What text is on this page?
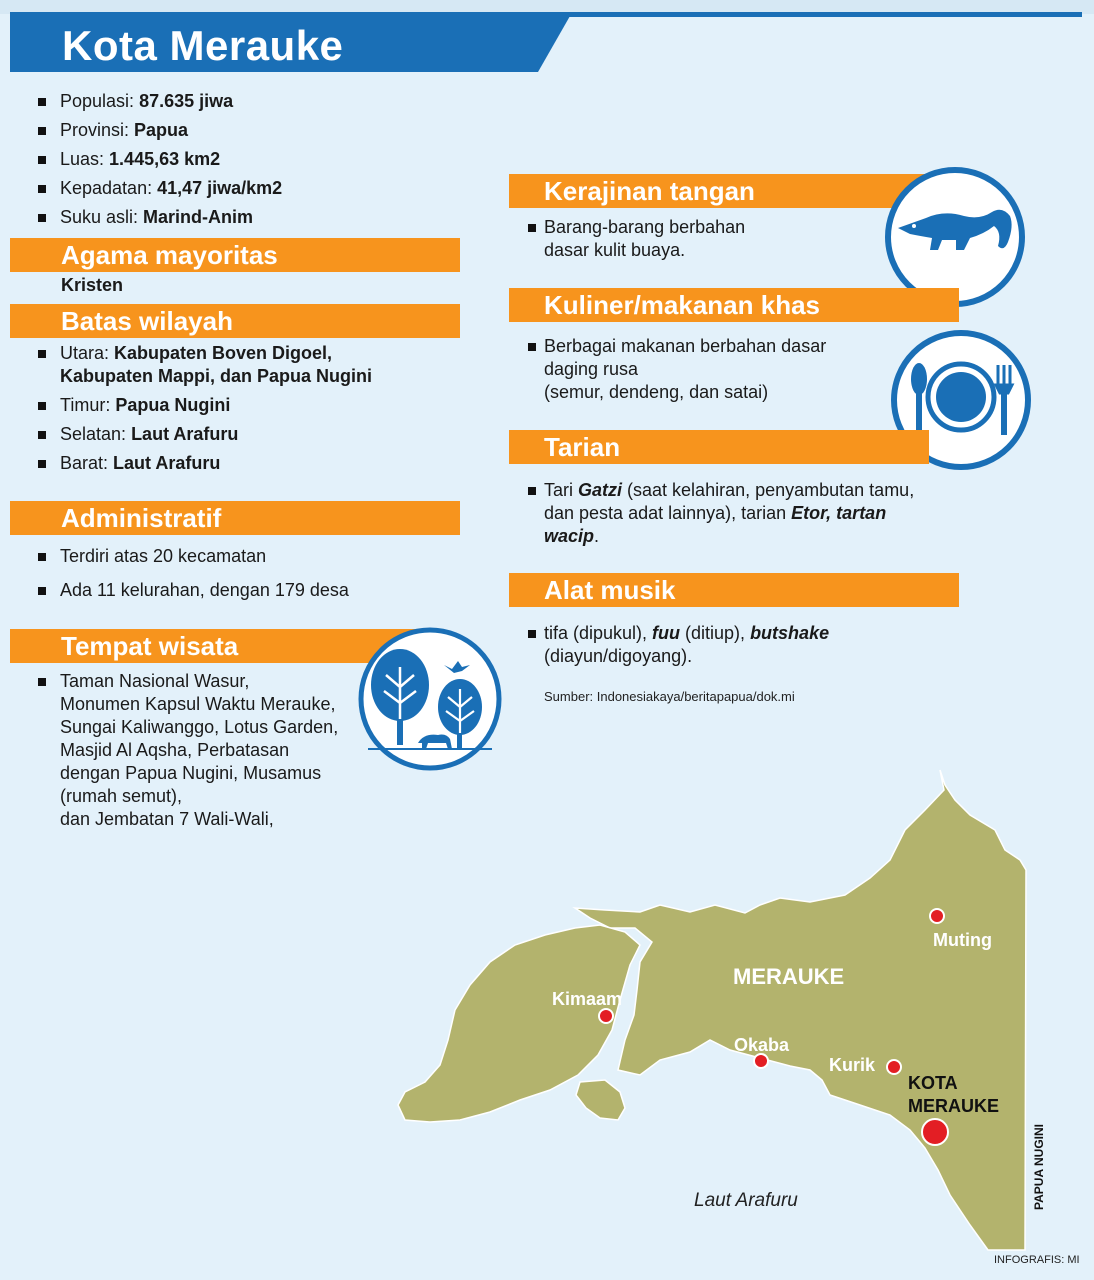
Kota Merauke
Populasi: 87.635 jiwa
Provinsi: Papua
Luas: 1.445,63 km2
Kepadatan: 41,47 jiwa/km2
Suku asli: Marind-Anim
Agama mayoritas
Kristen
Batas wilayah
Utara: Kabupaten Boven Digoel,
Kabupaten Mappi, dan Papua Nugini
Timur: Papua Nugini
Selatan: Laut Arafuru
Barat: Laut Arafuru
Administratif
Terdiri atas 20 kecamatan
Ada 11 kelurahan, dengan 179 desa
Tempat wisata
Taman Nasional Wasur,
Monumen Kapsul Waktu Merauke,
Sungai Kaliwanggo, Lotus Garden,
Masjid Al Aqsha, Perbatasan
dengan Papua Nugini, Musamus
(rumah semut),
dan Jembatan 7 Wali-Wali,
Kerajinan tangan
Barang-barang berbahan
dasar kulit buaya.
Kuliner/makanan khas
Berbagai makanan berbahan dasar
daging rusa
(semur, dendeng, dan satai)
Tarian
Tari Gatzi (saat kelahiran, penyambutan tamu,
dan pesta adat lainnya), tarian Etor, tartan
wacip.
Alat musik
tifa (dipukul), fuu (ditiup), butshake
(diayun/digoyang).
Sumber: Indonesiakaya/beritapapua/dok.mi
Muting
MERAUKE
Kimaam
Okaba
Kurik
KOTA
MERAUKE
Laut Arafuru	PAPUA NUGINI
INFOGRAFIS: MI
